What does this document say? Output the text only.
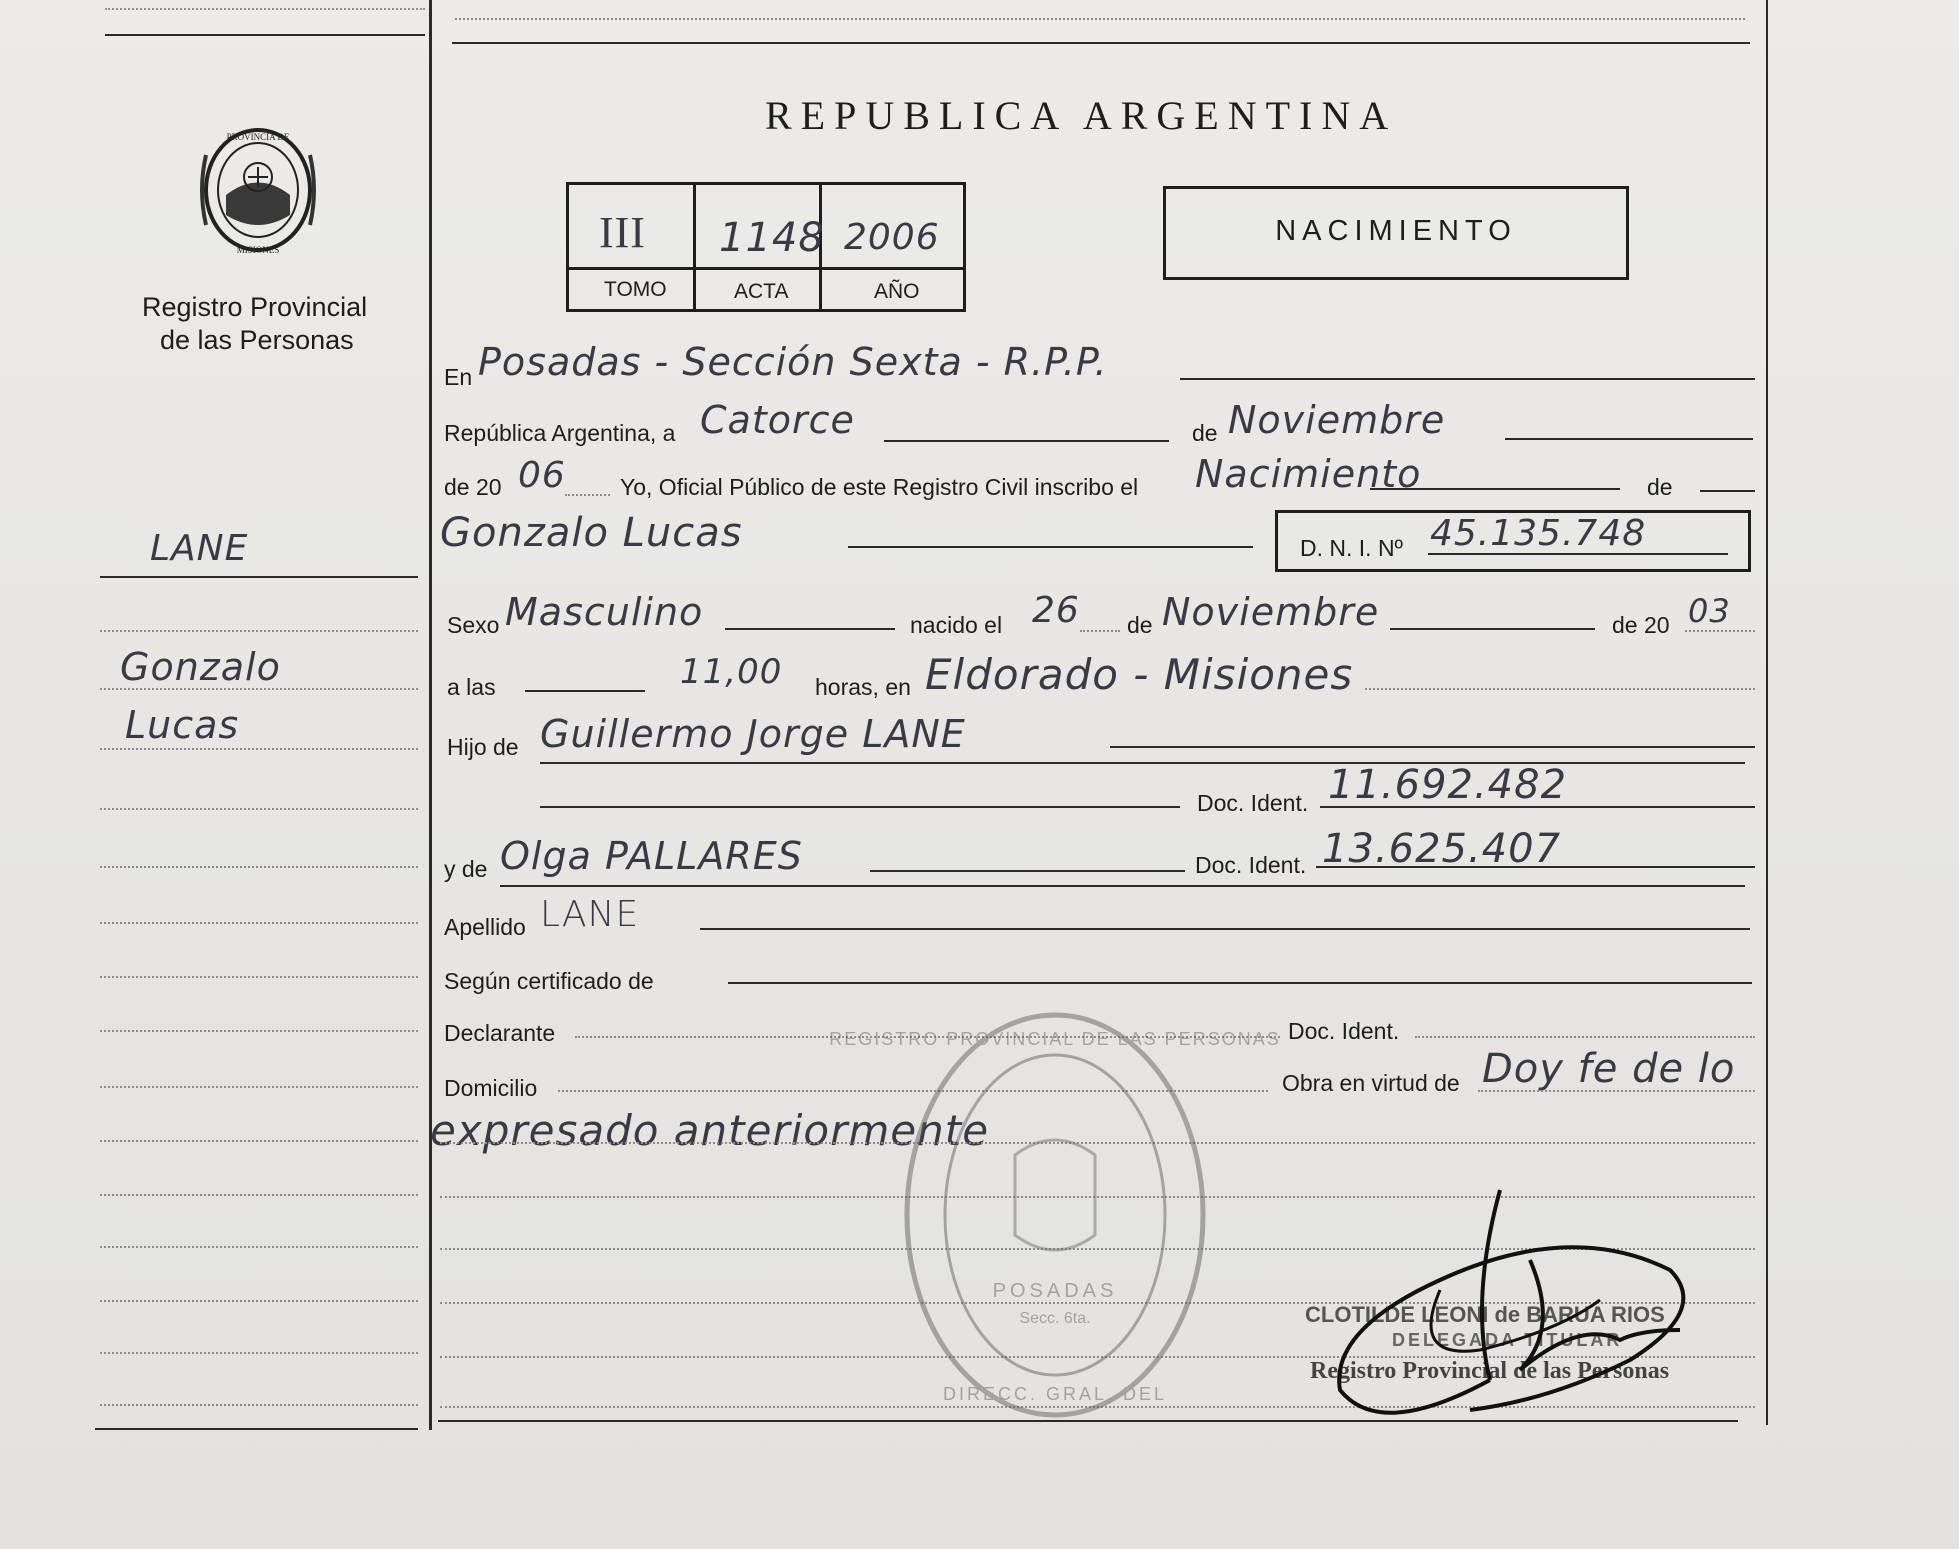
PROVINCIA DE
MISIONES
Registro Provincial
de las Personas
LANE
Gonzalo
Lucas
REPUBLICA ARGENTINA
III 1148 2006
TOMO	ACTA	AÑO
NACIMIENTO
En Posadas - Sección Sexta - R.P.P.
República Argentina, a Catorce	de Noviembre
de 20 06 Yo, Oficial Público de este Registro Civil inscribo el Nacimiento	de
Gonzalo Lucas	D. N. I. Nº 45.135.748
Sexo Masculino	nacido el 26 de Noviembre	de 20 03
a las	11,00 horas, en Eldorado - Misiones
Hijo de Guillermo Jorge LANE
Doc. Ident. 11.692.482
y de Olga PALLARES	Doc. Ident. 13.625.407
Apellido LANE
Según certificado de
Declarante	Doc. Ident.
Domicilio	Obra en virtud de Doy fe de lo
expresado anteriormente
REGISTRO PROVINCIAL DE LAS PERSONAS
POSADAS
Secc. 6ta.
DIRECC. GRAL. DEL
CLOTILDE LEONI de BARUA RIOS
DELEGADA TITULAR
Registro Provincial de las Personas
